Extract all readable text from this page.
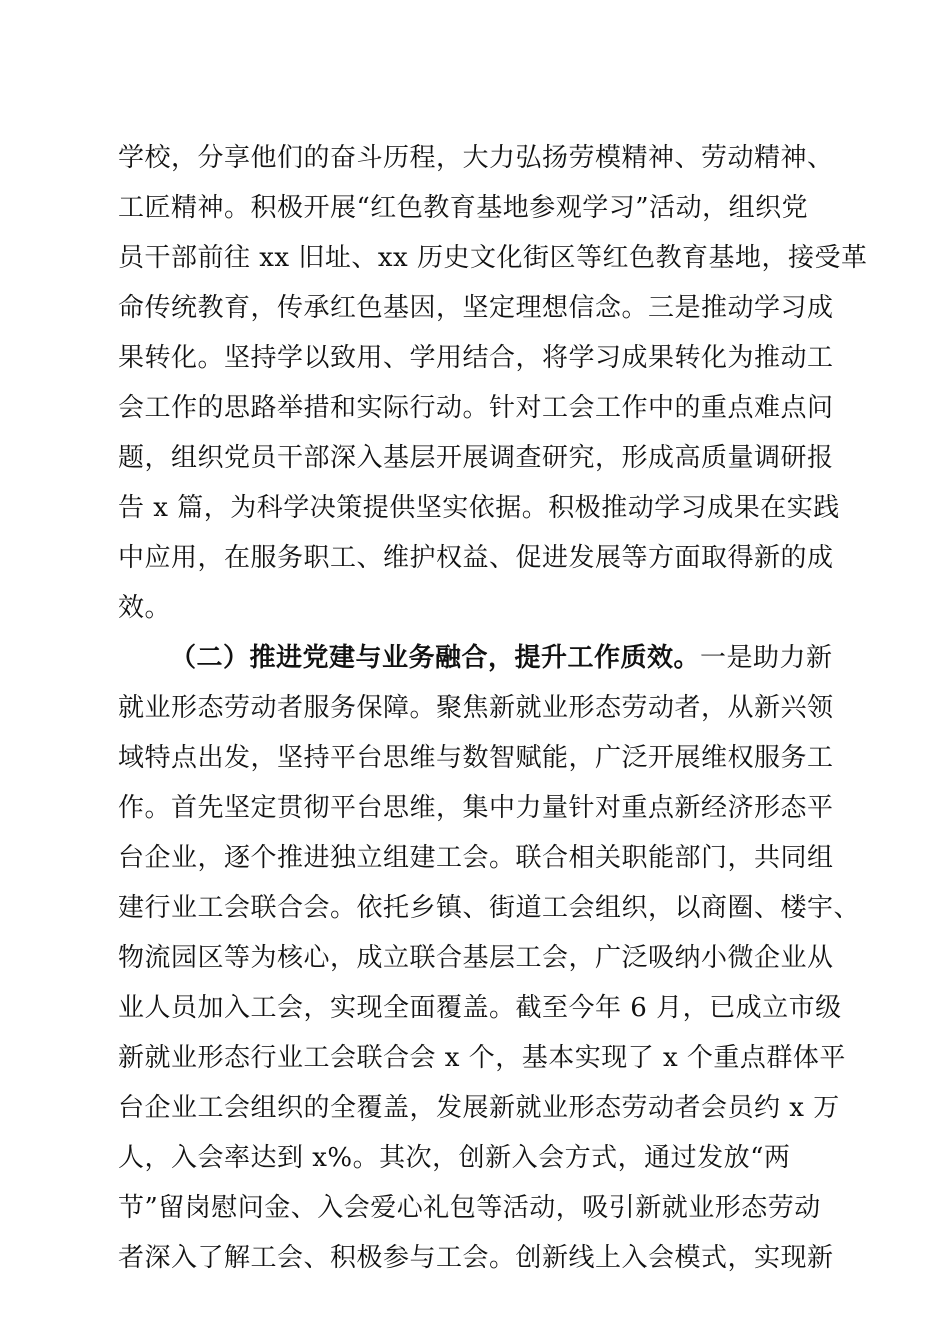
学校，分享他们的奋斗历程，大力弘扬劳模精神、劳动精神、
工匠精神。积极开展“红色教育基地参观学习”活动，组织党
员干部前往 xx 旧址、xx 历史文化街区等红色教育基地，接受革
命传统教育，传承红色基因，坚定理想信念。三是推动学习成
果转化。坚持学以致用、学用结合，将学习成果转化为推动工
会工作的思路举措和实际行动。针对工会工作中的重点难点问
题，组织党员干部深入基层开展调查研究，形成高质量调研报
告 x 篇，为科学决策提供坚实依据。积极推动学习成果在实践
中应用，在服务职工、维护权益、促进发展等方面取得新的成
效。
（二）推进党建与业务融合，提升工作质效。一是助力新
就业形态劳动者服务保障。聚焦新就业形态劳动者，从新兴领
域特点出发，坚持平台思维与数智赋能，广泛开展维权服务工
作。首先坚定贯彻平台思维，集中力量针对重点新经济形态平
台企业，逐个推进独立组建工会。联合相关职能部门，共同组
建行业工会联合会。依托乡镇、街道工会组织，以商圈、楼宇、
物流园区等为核心，成立联合基层工会，广泛吸纳小微企业从
业人员加入工会，实现全面覆盖。截至今年 6 月，已成立市级
新就业形态行业工会联合会 x 个，基本实现了 x 个重点群体平
台企业工会组织的全覆盖，发展新就业形态劳动者会员约 x 万
人，入会率达到 x%。其次，创新入会方式，通过发放“两
节”留岗慰问金、入会爱心礼包等活动，吸引新就业形态劳动
者深入了解工会、积极参与工会。创新线上入会模式，实现新
